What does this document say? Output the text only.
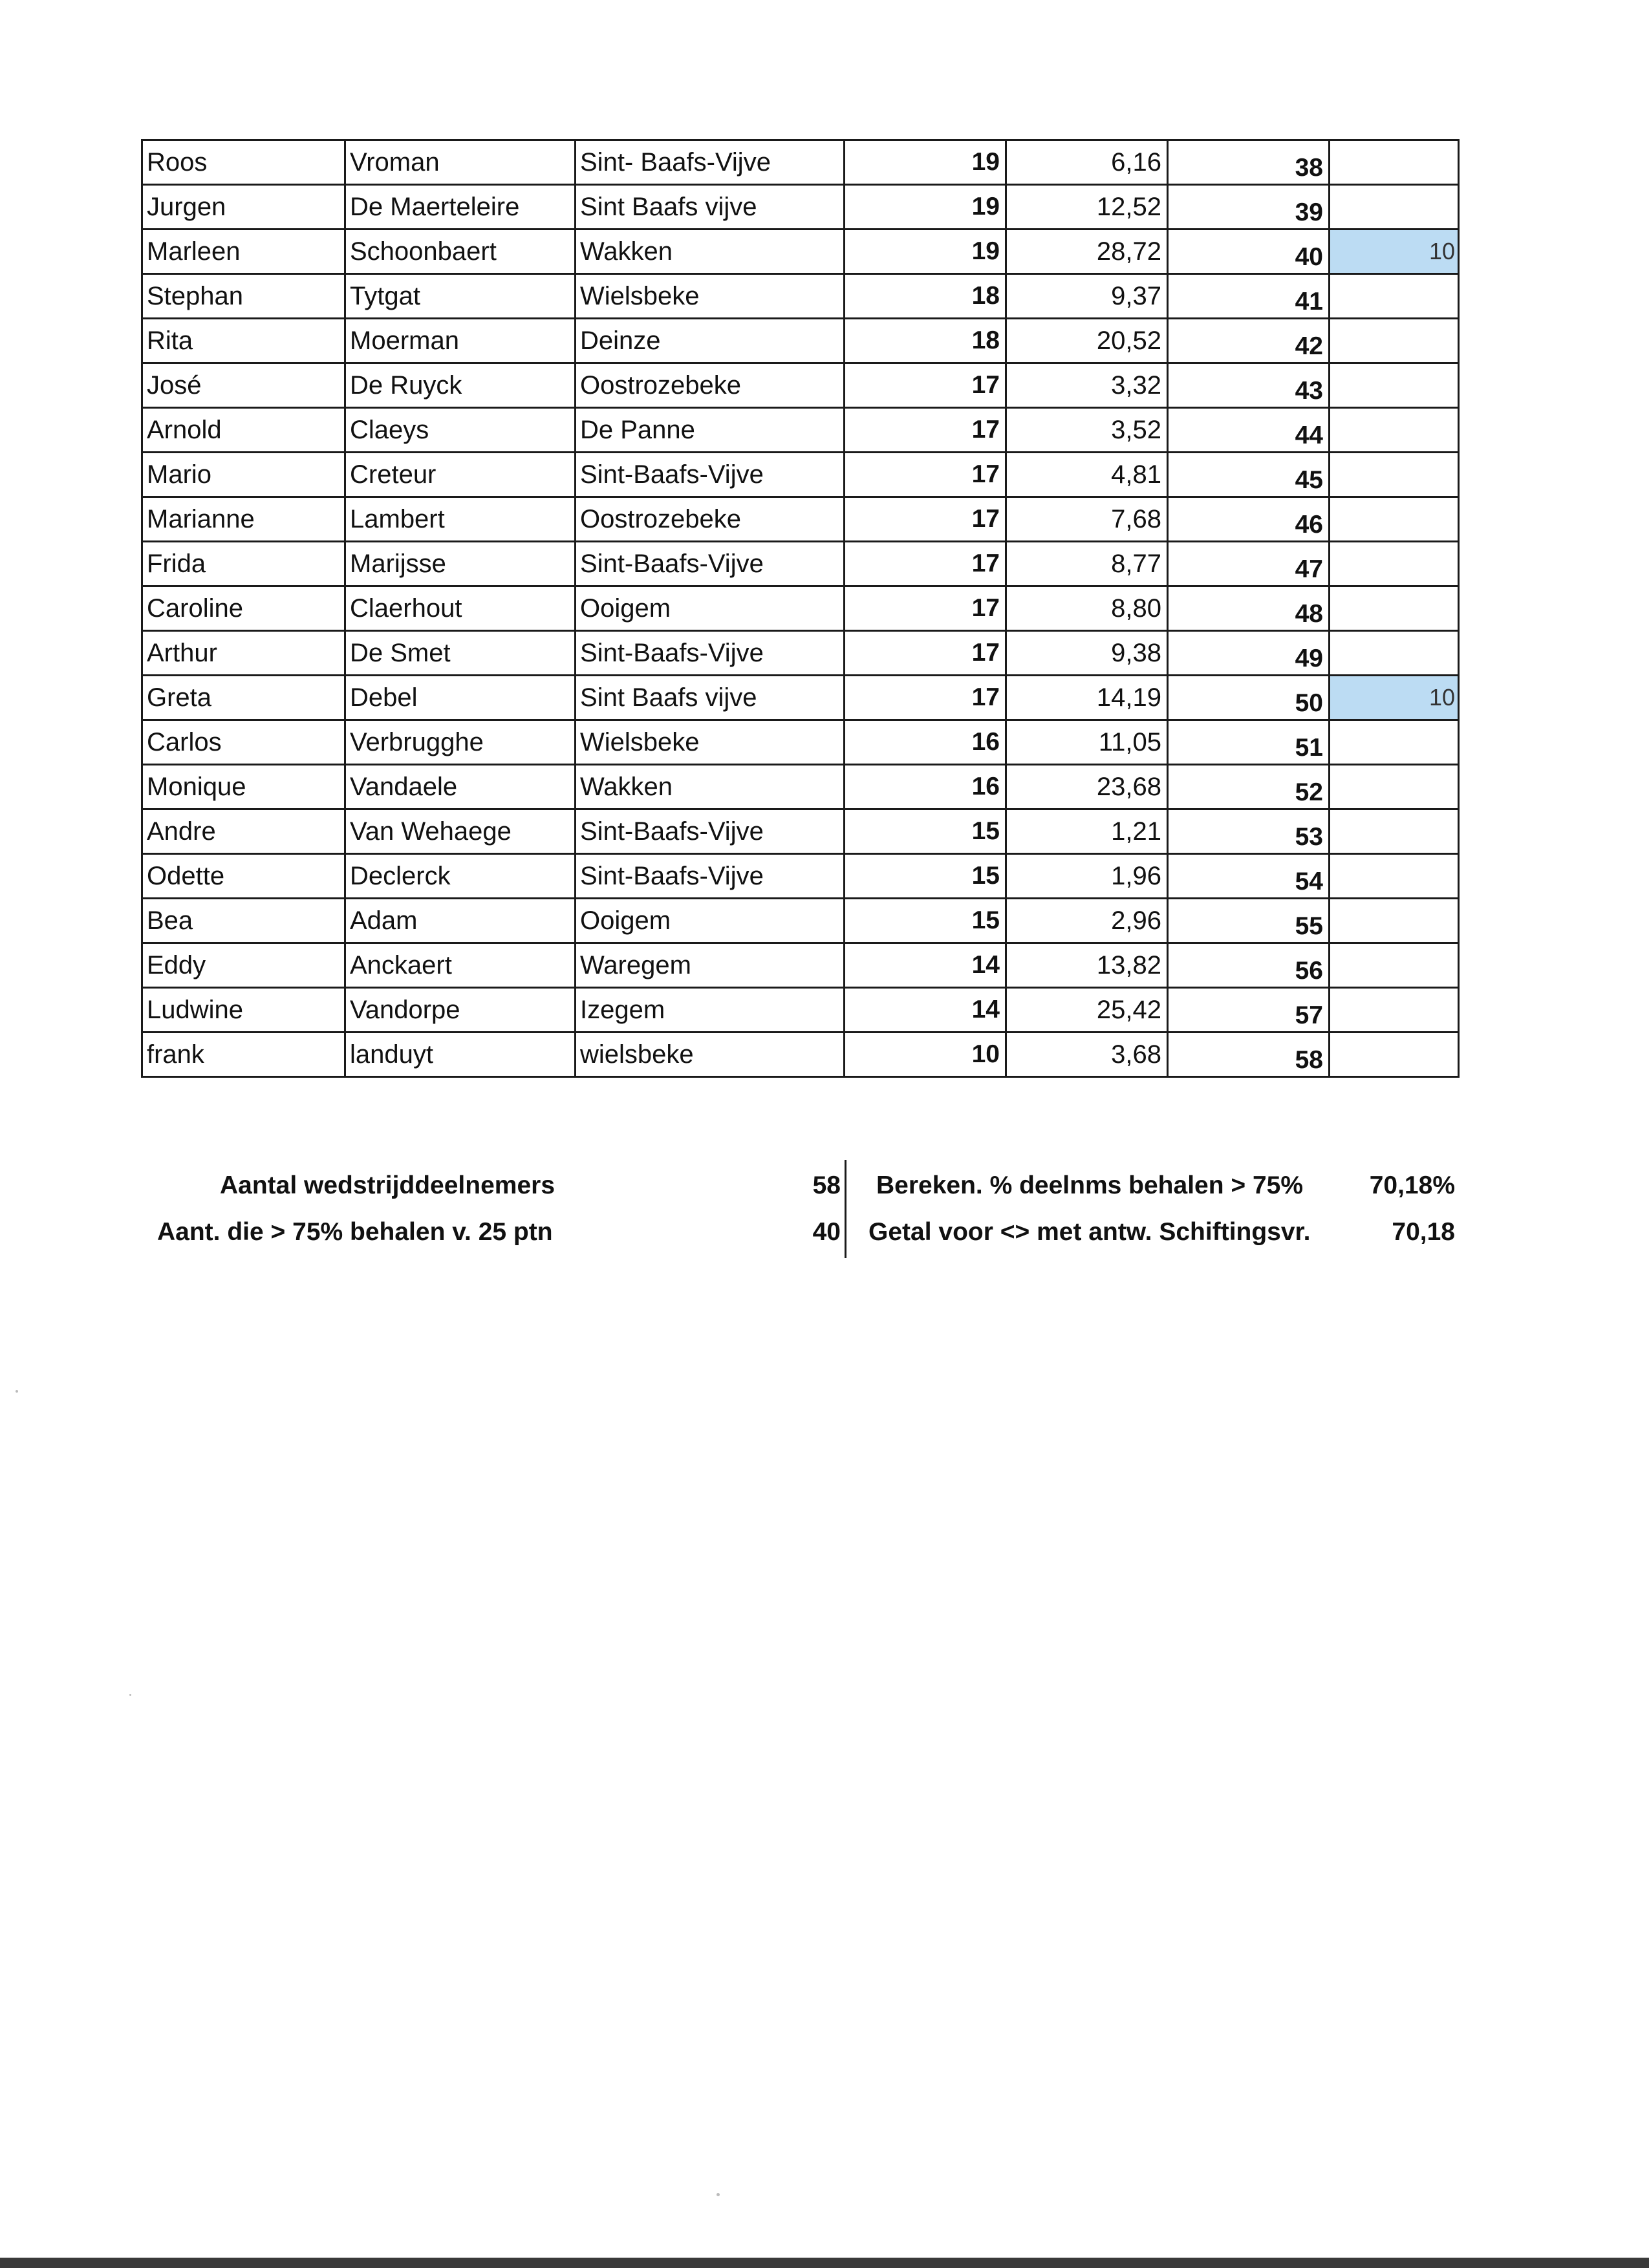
Roos	Vroman	Sint- Baafs-Vijve	19	6,16	38	
Jurgen	De Maerteleire	Sint Baafs vijve	19	12,52	39	
Marleen	Schoonbaert	Wakken	19	28,72	40	10
Stephan	Tytgat	Wielsbeke	18	9,37	41	
Rita	Moerman	Deinze	18	20,52	42	
José	De Ruyck	Oostrozebeke	17	3,32	43	
Arnold	Claeys	De Panne	17	3,52	44	
Mario	Creteur	Sint-Baafs-Vijve	17	4,81	45	
Marianne	Lambert	Oostrozebeke	17	7,68	46	
Frida	Marijsse	Sint-Baafs-Vijve	17	8,77	47	
Caroline	Claerhout	Ooigem	17	8,80	48	
Arthur	De Smet	Sint-Baafs-Vijve	17	9,38	49	
Greta	Debel	Sint Baafs vijve	17	14,19	50	10
Carlos	Verbrugghe	Wielsbeke	16	11,05	51	
Monique	Vandaele	Wakken	16	23,68	52	
Andre	Van Wehaege	Sint-Baafs-Vijve	15	1,21	53	
Odette	Declerck	Sint-Baafs-Vijve	15	1,96	54	
Bea	Adam	Ooigem	15	2,96	55	
Eddy	Anckaert	Waregem	14	13,82	56	
Ludwine	Vandorpe	Izegem	14	25,42	57	
frank	landuyt	wielsbeke	10	3,68	58	
Aantal wedstrijddeelnemers	58
Aant. die > 75% behalen v. 25 ptn	40
Bereken. % deelnms behalen > 75%	70,18%
Getal voor <> met antw. Schiftingsvr.	70,18
